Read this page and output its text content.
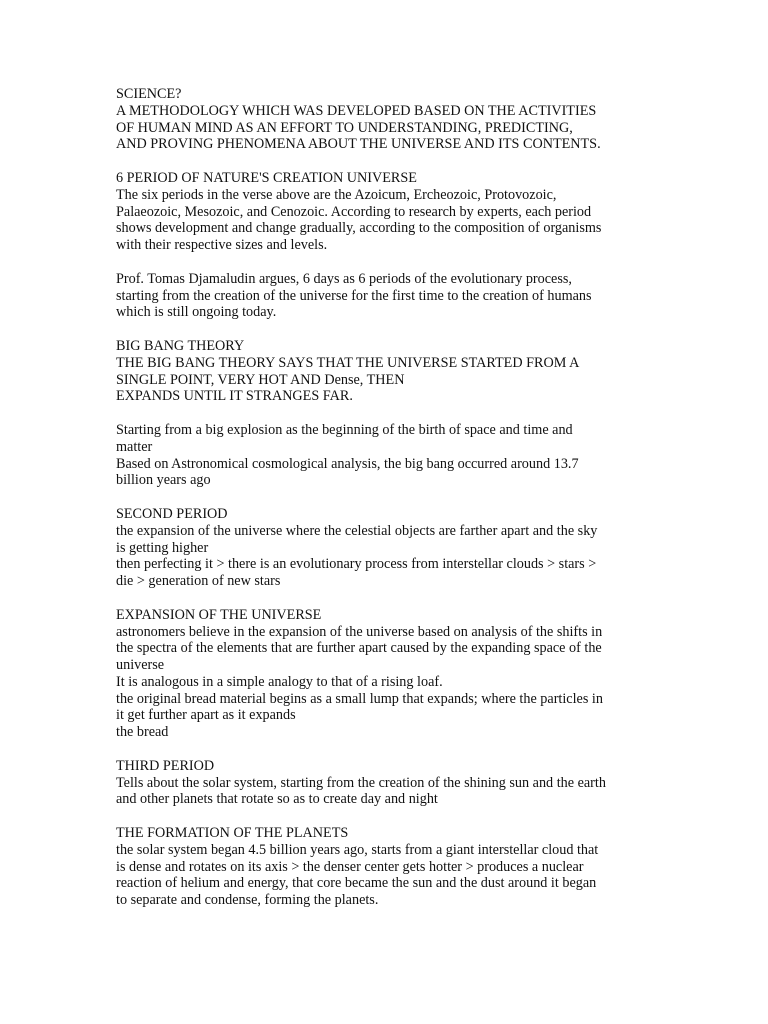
SCIENCE?
A METHODOLOGY WHICH WAS DEVELOPED BASED ON THE ACTIVITIES
OF HUMAN MIND AS AN EFFORT TO UNDERSTANDING, PREDICTING,
AND PROVING PHENOMENA ABOUT THE UNIVERSE AND ITS CONTENTS.
6 PERIOD OF NATURE'S CREATION UNIVERSE
The six periods in the verse above are the Azoicum, Ercheozoic, Protovozoic,
Palaeozoic, Mesozoic, and Cenozoic. According to research by experts, each period
shows development and change gradually, according to the composition of organisms
with their respective sizes and levels.
Prof. Tomas Djamaludin argues, 6 days as 6 periods of the evolutionary process,
starting from the creation of the universe for the first time to the creation of humans
which is still ongoing today.
BIG BANG THEORY
THE BIG BANG THEORY SAYS THAT THE UNIVERSE STARTED FROM A
SINGLE POINT, VERY HOT AND Dense, THEN
EXPANDS UNTIL IT STRANGES FAR.
Starting from a big explosion as the beginning of the birth of space and time and
matter
Based on Astronomical cosmological analysis, the big bang occurred around 13.7
billion years ago
SECOND PERIOD
the expansion of the universe where the celestial objects are farther apart and the sky
is getting higher
then perfecting it > there is an evolutionary process from interstellar clouds > stars >
die > generation of new stars
EXPANSION OF THE UNIVERSE
astronomers believe in the expansion of the universe based on analysis of the shifts in
the spectra of the elements that are further apart caused by the expanding space of the
universe
It is analogous in a simple analogy to that of a rising loaf.
the original bread material begins as a small lump that expands; where the particles in
it get further apart as it expands
the bread
THIRD PERIOD
Tells about the solar system, starting from the creation of the shining sun and the earth
and other planets that rotate so as to create day and night
THE FORMATION OF THE PLANETS
the solar system began 4.5 billion years ago, starts from a giant interstellar cloud that
is dense and rotates on its axis > the denser center gets hotter > produces a nuclear
reaction of helium and energy, that core became the sun and the dust around it began
to separate and condense, forming the planets.
